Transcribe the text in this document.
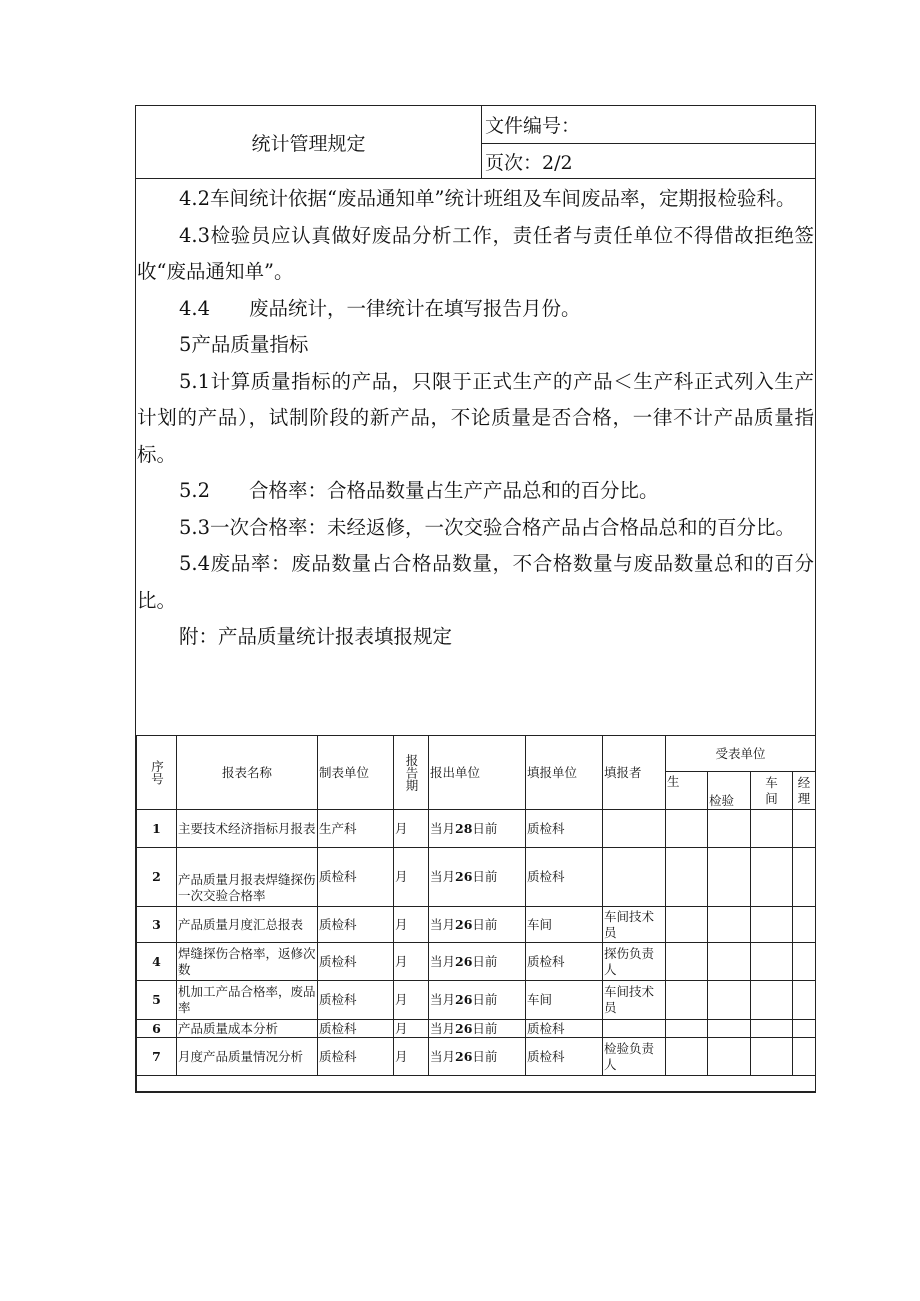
统计管理规定
文件编号：
页次：2/2

4.2车间统计依据“废品通知单”统计班组及车间废品率，定期报检验科。

4.3检验员应认真做好废品分析工作，责任者与责任单位不得借故拒绝签收“废品通知单”。

4.4　　废品统计，一律统计在填写报告月份。

5产品质量指标

5.1计算质量指标的产品，只限于正式生产的产品＜生产科正式列入生产计划的产品），试制阶段的新产品，不论质量是否合格，一律不计产品质量指标。

5.2　　合格率：合格品数量占生产产品总和的百分比。

5.3一次合格率：未经返修，一次交验合格产品占合格品总和的百分比。

5.4废品率：废品数量占合格品数量，不合格数量与废品数量总和的百分比。

附：产品质量统计报表填报规定

序号	报表名称	制表单位	报告期	报出单位	填报单位	填报者	受表单位			
							生	检验	车间	经理

1	主要技术经济指标月报表	生产科	月	当月28日前	质检科					
2	产品质量月报表焊缝探伤一次交验合格率	质检科	月	当月26日前	质检科					
3	产品质量月度汇总报表	质检科	月	当月26日前	车间	车间技术员				
4	焊缝探伤合格率，返修次数	质检科	月	当月26日前	质检科	探伤负责人				
5	机加工产品合格率，废品率	质检科	月	当月26日前	车间	车间技术员				
6	产品质量成本分析	质检科	月	当月26日前	质检科					
7	月度产品质量情况分析	质检科	月	当月26日前	质检科	检验负责人				
